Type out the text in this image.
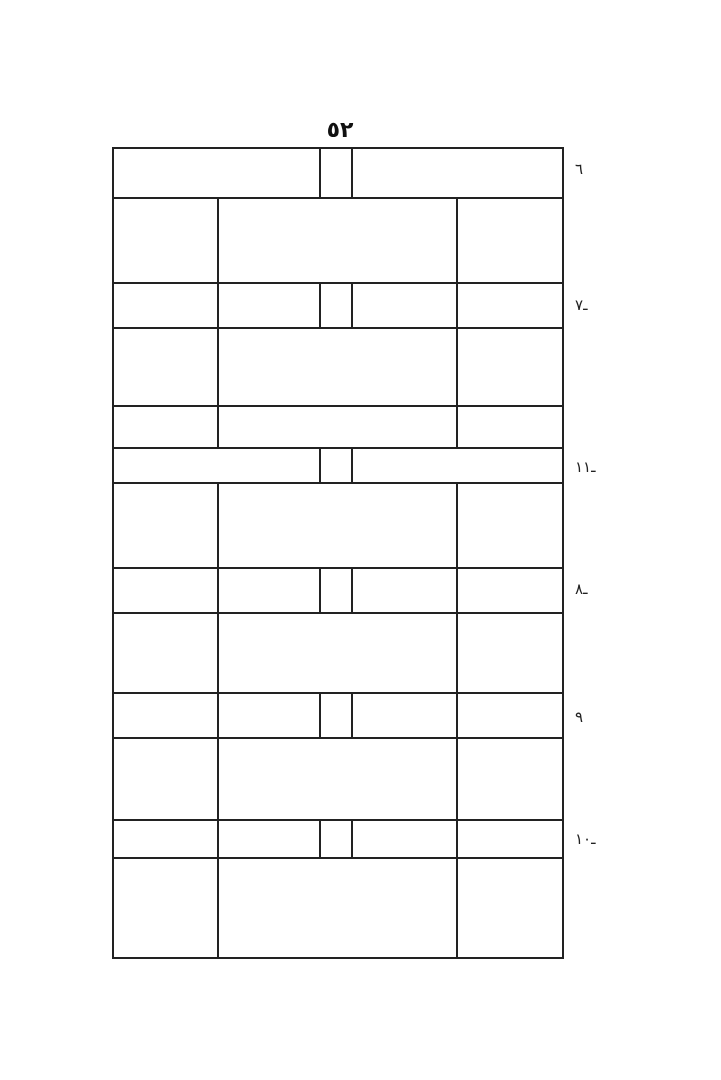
٥٢
٦
ـ٧
ـ٨
٩
ـ١٠
ـ١١
